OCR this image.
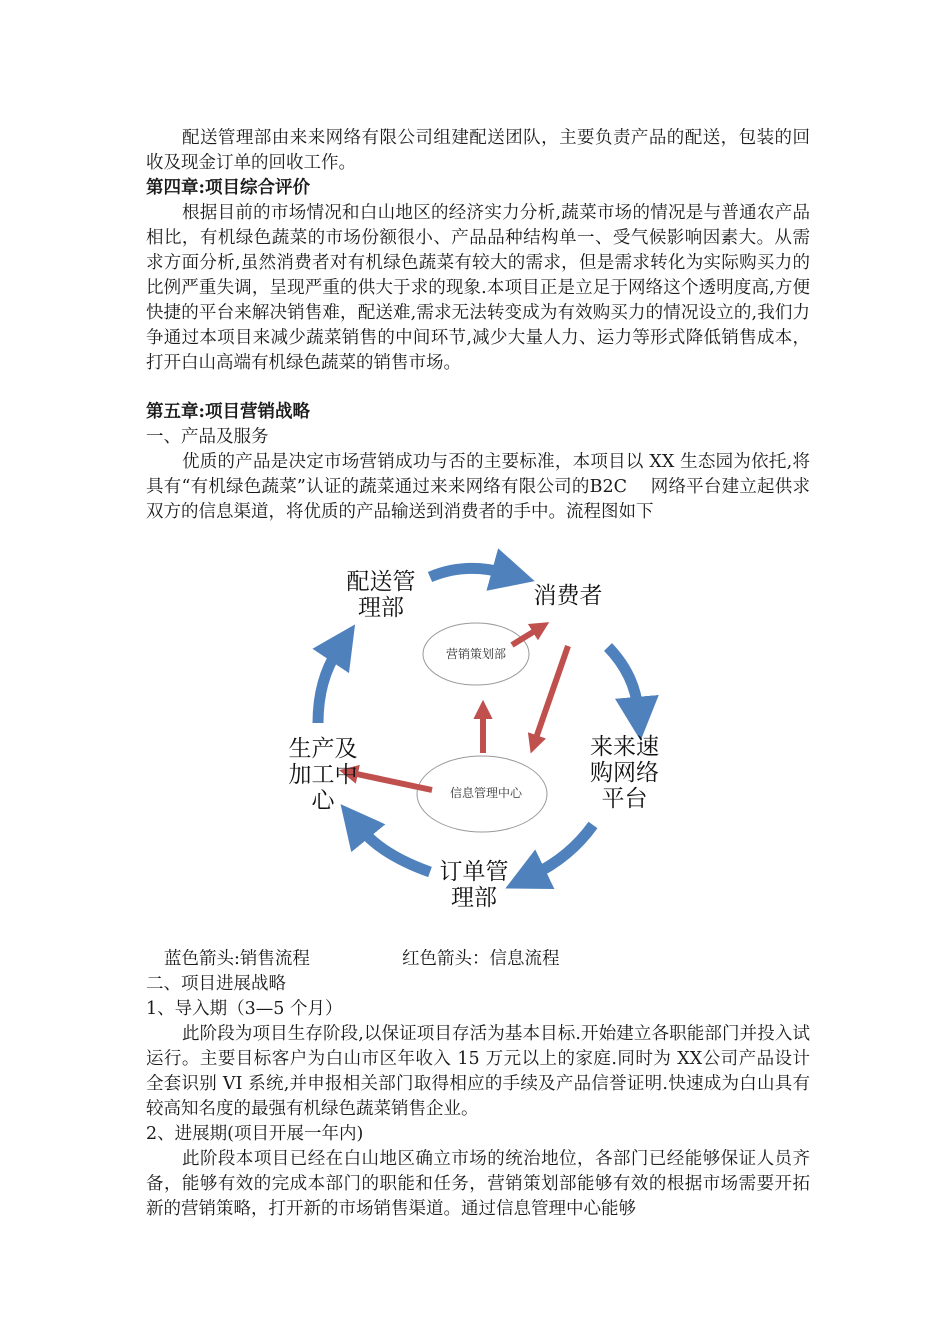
配送管理部由来来网络有限公司组建配送团队，主要负责产品的配送，包装的回收及现金订单的回收工作。
第四章:项目综合评价
根据目前的市场情况和白山地区的经济实力分析,蔬菜市场的情况是与普通农产品相比，有机绿色蔬菜的市场份额很小、产品品种结构单一、受气候影响因素大。从需求方面分析,虽然消费者对有机绿色蔬菜有较大的需求，但是需求转化为实际购买力的比例严重失调，呈现严重的供大于求的现象.本项目正是立足于网络这个透明度高,方便快捷的平台来解决销售难，配送难,需求无法转变成为有效购买力的情况设立的,我们力争通过本项目来减少蔬菜销售的中间环节,减少大量人力、运力等形式降低销售成本，打开白山高端有机绿色蔬菜的销售市场。
第五章:项目营销战略
一、产品及服务
优质的产品是决定市场营销成功与否的主要标准，本项目以 XX 生态园为依托,将具有“有机绿色蔬菜”认证的蔬菜通过来来网络有限公司的B2C　 网络平台建立起供求双方的信息渠道，将优质的产品输送到消费者的手中。流程图如下
配送管
理部	消费者
来来速
购网络
平台
订单管
理部
生产及
加工中
心
营销策划部
信息管理中心
蓝色箭头:销售流程	红色箭头：信息流程
二、项目进展战略
1、导入期（3—5 个月）
此阶段为项目生存阶段,以保证项目存活为基本目标.开始建立各职能部门并投入试运行。主要目标客户为白山市区年收入 15 万元以上的家庭.同时为 XX公司产品设计全套识别 VI 系统,并申报相关部门取得相应的手续及产品信誉证明.快速成为白山具有较高知名度的最强有机绿色蔬菜销售企业。
2、进展期(项目开展一年内)
此阶段本项目已经在白山地区确立市场的统治地位，各部门已经能够保证人员齐备，能够有效的完成本部门的职能和任务，营销策划部能够有效的根据市场需要开拓新的营销策略，打开新的市场销售渠道。通过信息管理中心能够
